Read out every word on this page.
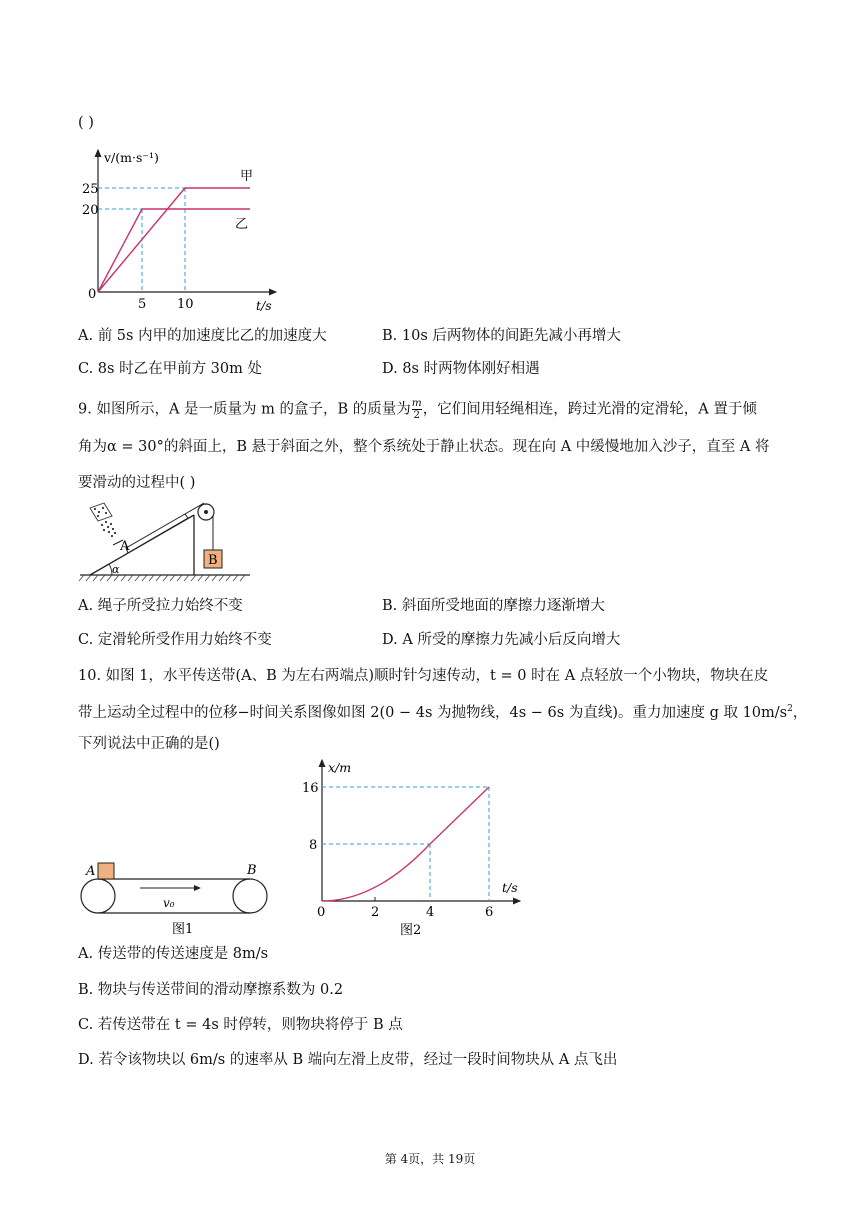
( )
v/(m·s⁻¹)
25
20
0
5 10	t/s
甲
乙
A. 前 5s 内甲的加速度比乙的加速度大	B. 10s 后两物体的间距先减小再增大
C. 8s 时乙在甲前方 30m 处	D. 8s 时两物体刚好相遇
9. 如图所示，A 是一质量为 m 的盒子，B 的质量为 $\frac{m}{2}$ ，它们间用轻绳相连，跨过光滑的定滑轮，A 置于倾
角为α = 30°的斜面上，B 悬于斜面之外，整个系统处于静止状态。现在向 A 中缓慢地加入沙子，直至 A 将
要滑动的过程中( )
α
A
B
A. 绳子所受拉力始终不变	B. 斜面所受地面的摩擦力逐渐增大
C. 定滑轮所受作用力始终不变	D. A 所受的摩擦力先减小后反向增大
10. 如图 1，水平传送带(A、B 为左右两端点)顺时针匀速传动，t = 0 时在 A 点轻放一个小物块，物块在皮
带上运动全过程中的位移−时间关系图像如图 2(0 − 4s 为抛物线，4s − 6s 为直线)。重力加速度 g 取 $10m/s^2$，
下列说法中正确的是()
A	B
v₀
图1
x/m
16
8
0	2	4	6
t/s
图2
A. 传送带的传送速度是 8m/s
B. 物块与传送带间的滑动摩擦系数为 0.2
C. 若传送带在 t = 4s 时停转，则物块将停于 B 点
D. 若令该物块以 6m/s 的速率从 B 端向左滑上皮带，经过一段时间物块从 A 点飞出
第 4页，共 19页
